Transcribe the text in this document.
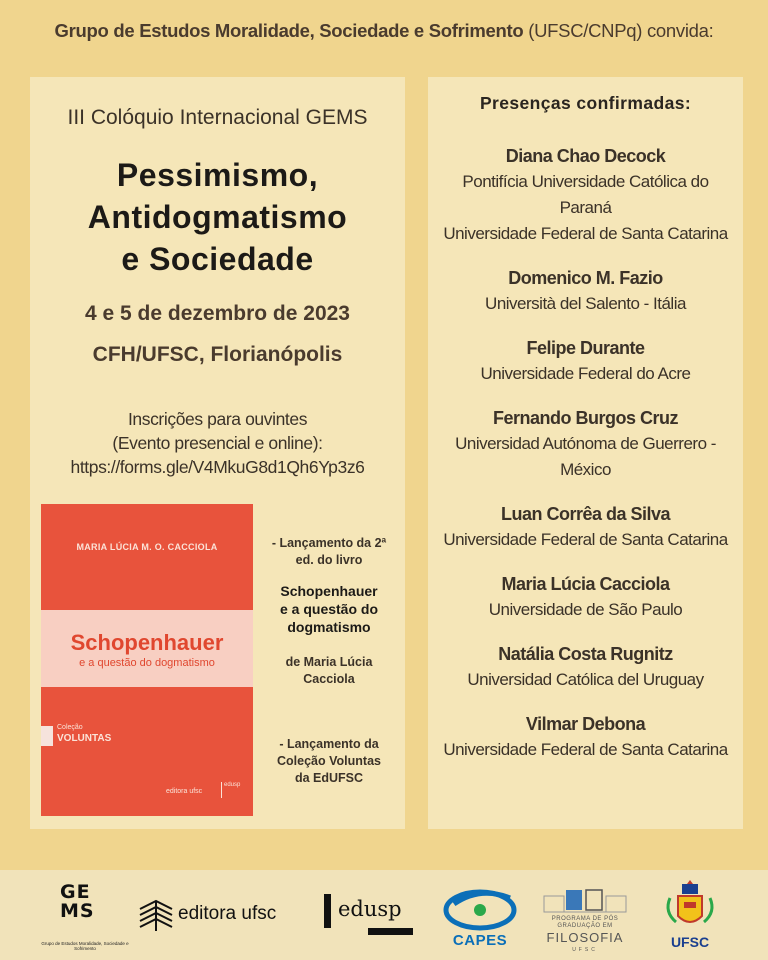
Grupo de Estudos Moralidade, Sociedade e Sofrimento (UFSC/CNPq) convida:
III Colóquio Internacional GEMS
Pessimismo,
Antidogmatismo
e Sociedade
4 e 5 de dezembro de 2023
CFH/UFSC, Florianópolis
Inscrições para ouvintes
(Evento presencial e online):
https://forms.gle/V4MkuG8d1Qh6Yp3z6
MARIA LÚCIA M. O. CACCIOLA
Schopenhauer
e a questão do dogmatismo
Coleção
VOLUNTAS
editora ufsc
edusp
- Lançamento da 2ª
ed. do livro
Schopenhauer
e a questão do
dogmatismo
de Maria Lúcia
Cacciola
- Lançamento da
Coleção Voluntas
da EdUFSC
Presenças confirmadas:
Diana Chao Decock
Pontifícia Universidade Católica do
Paraná
Universidade Federal de Santa Catarina
Domenico M. Fazio
Università del Salento - Itália
Felipe Durante
Universidade Federal do Acre
Fernando Burgos Cruz
Universidad Autónoma de Guerrero -
México
Luan Corrêa da Silva
Universidade Federal de Santa Catarina
Maria Lúcia Cacciola
Universidade de São Paulo
Natália Costa Rugnitz
Universidad Católica del Uruguay
Vilmar Debona
Universidade Federal de Santa Catarina
GE
MS
Grupo de Estudos Moralidade, Sociedade e Sofrimento
editora ufsc	edusp
CAPES
PROGRAMA DE PÓS
GRADUAÇÃO EM
FILOSOFIA
UFSC	UFSC
